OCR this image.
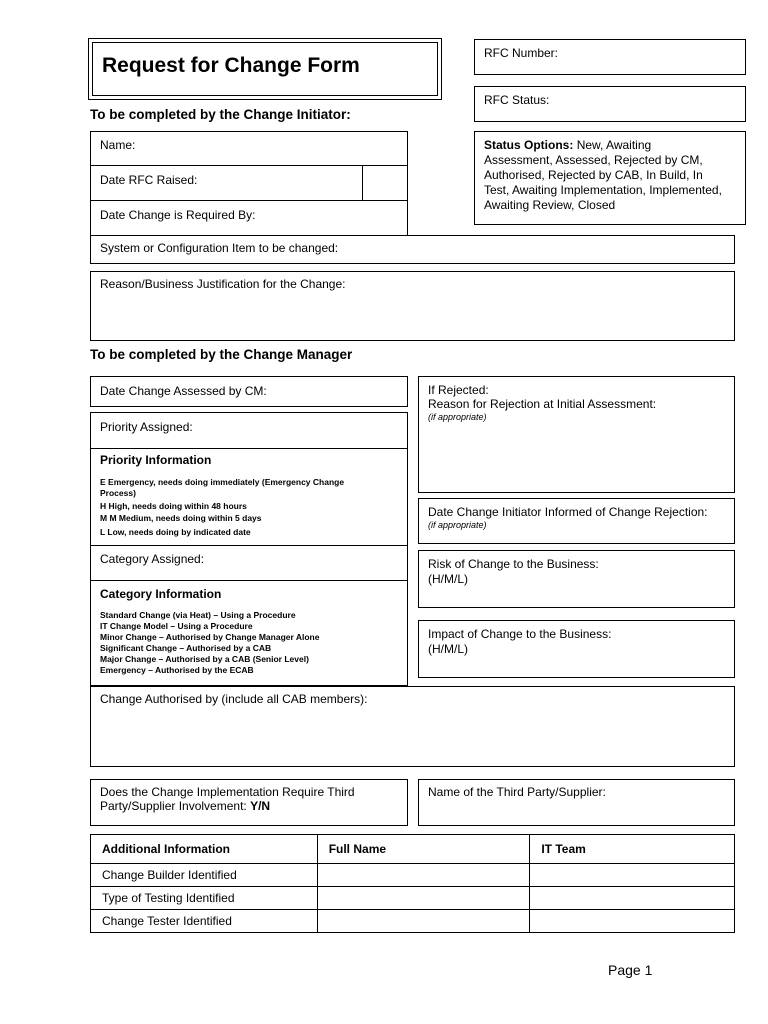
Request for Change Form
RFC Number:
RFC Status:
Status Options: New, Awaiting
Assessment, Assessed, Rejected by CM,
Authorised, Rejected by CAB, In Build, In
Test, Awaiting Implementation, Implemented,
Awaiting Review, Closed
To be completed by the Change Initiator:
Name:
Date RFC Raised:
Date Change is Required By:
System or Configuration Item to be changed:
Reason/Business Justification for the Change:
To be completed by the Change Manager
Date Change Assessed by CM:
Priority Assigned:
Priority Information
E Emergency, needs doing immediately (Emergency Change
Process)
H High, needs doing within 48 hours
M M Medium, needs doing within 5 days
L Low, needs doing by indicated date
Category Assigned:
Category Information
Standard Change (via Heat) – Using a Procedure
IT Change Model – Using a Procedure
Minor Change – Authorised by Change Manager Alone
Significant Change – Authorised by a CAB
Major Change – Authorised by a CAB (Senior Level)
Emergency – Authorised by the ECAB
If Rejected:
Reason for Rejection at Initial Assessment:
(if appropriate)
Date Change Initiator Informed of Change Rejection:
(if appropriate)
Risk of Change to the Business:
(H/M/L)
Impact of Change to the Business:
(H/M/L)
Change Authorised by (include all CAB members):
Does the Change Implementation Require Third
Party/Supplier Involvement: Y/N
Name of the Third Party/Supplier:
Additional Information	Full Name	IT Team
Change Builder Identified		
Type of Testing Identified		
Change Tester Identified		
Page 1
